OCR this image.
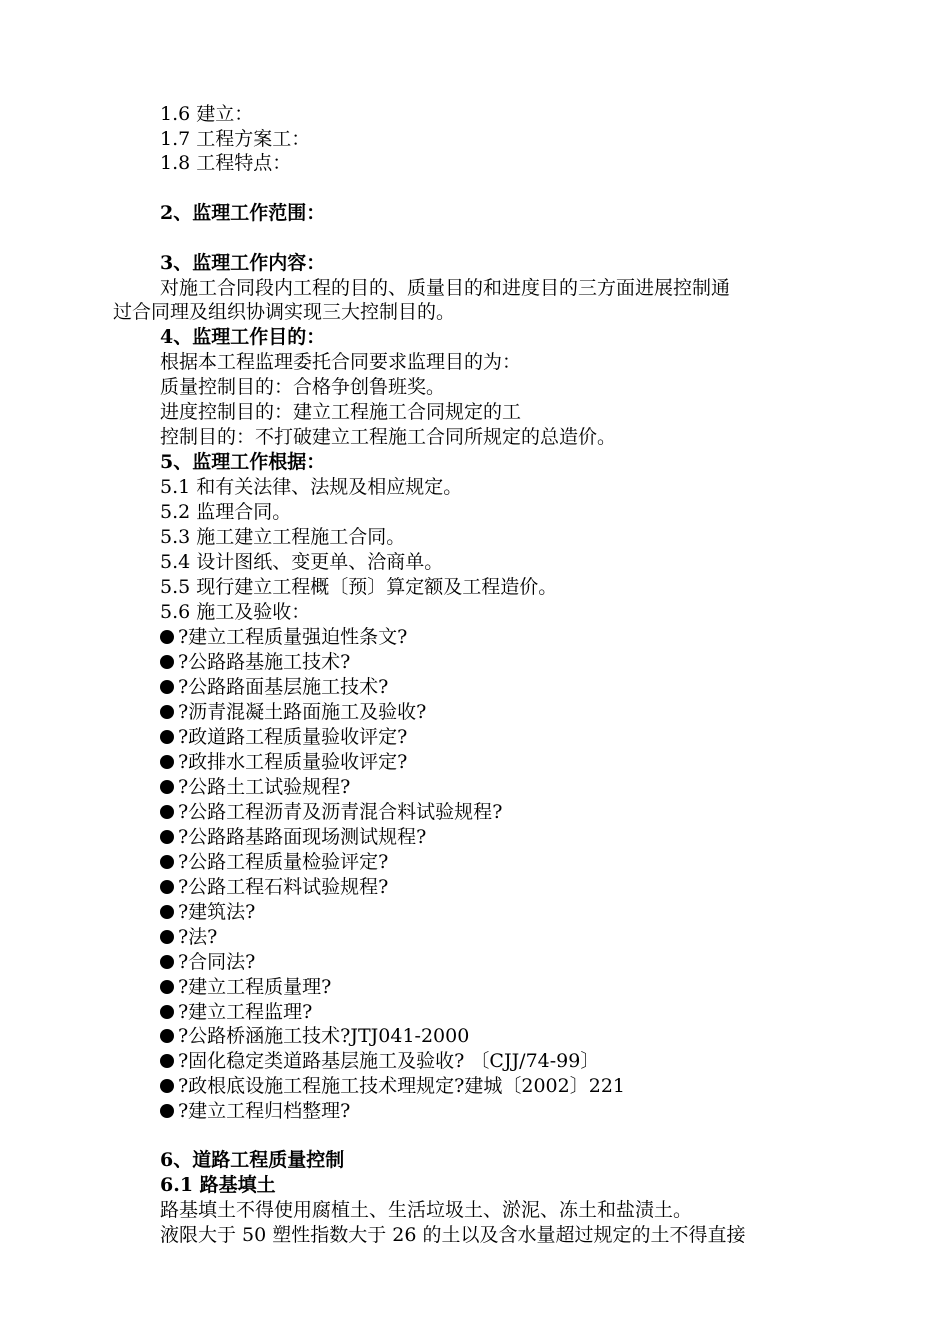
1.6 建立：

1.7 工程方案工：

1.8 工程特点：

2、监理工作范围：

3、监理工作内容：

对施工合同段内工程的目的、质量目的和进度目的三方面进展控制通

过合同理及组织协调实现三大控制目的。

4、监理工作目的：

根据本工程监理委托合同要求监理目的为：

质量控制目的：合格争创鲁班奖。

进度控制目的：建立工程施工合同规定的工

控制目的：不打破建立工程施工合同所规定的总造价。

5、监理工作根据：

5.1 和有关法律、法规及相应规定。

5.2 监理合同。

5.3 施工建立工程施工合同。

5.4 设计图纸、变更单、洽商单。

5.5 现行建立工程概〔预〕算定额及工程造价。

5.6 施工及验收：

?建立工程质量强迫性条文?

?公路路基施工技术?

?公路路面基层施工技术?

?沥青混凝土路面施工及验收?

?政道路工程质量验收评定?

?政排水工程质量验收评定?

?公路土工试验规程?

?公路工程沥青及沥青混合料试验规程?

?公路路基路面现场测试规程?

?公路工程质量检验评定?

?公路工程石料试验规程?

?建筑法?

?法?

?合同法?

?建立工程质量理?

?建立工程监理?

?公路桥涵施工技术?JTJ041-2000

?固化稳定类道路基层施工及验收? 〔CJJ/74-99〕

?政根底设施工程施工技术理规定?建城〔2002〕221

?建立工程归档整理?

6、道路工程质量控制

6.1 路基填土

路基填土不得使用腐植土、生活垃圾土、淤泥、冻土和盐渍土。

液限大于 50 塑性指数大于 26 的土以及含水量超过规定的土不得直接
